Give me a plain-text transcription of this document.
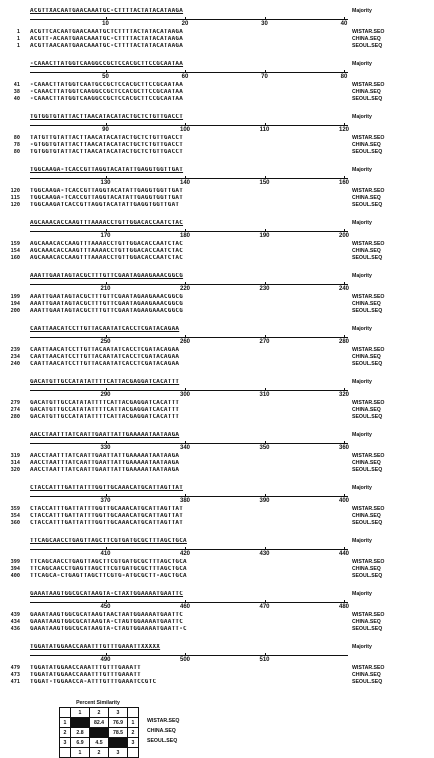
ACGTTXACAATGAACAAATGC-CTTTTACTATACATAAGA	Majority
10	20	30	40
1 ACGTTCACAATGAACAAATGCTCTTTTACTATACATAAGA	WISTAR.SEO
1 ACGTT-ACAATGAACAAATGC-CTTTTACTATACATAAGA	CHINA.SEQ
1 ACGTTAACAATGAACAAATGC-CTTTTACTATACATAAGA	SEOUL.SEQ
-CAAACTTATGGTCAAGGCCGCTCCACGCTTCCGCAATAA	Majority
50	60	70	80
41 -CAAACTTATGGTCAATGCCGCTCCACGCTTCCGCAATAA	WISTAR.SEO
38 -CAAACTTATGGTCAAGGCCGCTCCACGCTTCCGCAATAA	CHINA.SEQ
40 -CAAACTTATGGTCAAGGCCGCTCCACGCTTCCGCAATAA	SEOUL.SEQ
TGTGGTGTATTACTTAACATACATACTGCTCTGTTGACCT	Majority
90	100	110	120
80 TATGTTGTATTACTTAACATACATACTGCTCTGTTGACCT	WISTAR.SEO
78 -GTGGTGTATTACTTAACATACATACTGCTCTGTTGACCT	CHINA.SEQ
80 TGTGGTGTATTACTTAACATACATACTGCTCTGTTGACCT	SEOUL.SEQ
TGGCAAGA-TCACCGTTAGGTACATATTGAGGTGGTTGAT	Majority
130	140	150	160
120 TGGCAAGA-TCACCGTTAGGTACATATTGAGGTGGTTGAT	WISTAR.SEO
115 TGGCAAGA-TCACCGTTAGGTACATATTGAGGTGGTTGAT	CHINA.SEQ
120 TGGCAAGATCACCGTTAGGTACATATTGAGGTGGTTGAT	SEOUL.SEQ
AGCAAACACCAAGTTTAAAACCTGTTGGACACCAATCTAC	Majority
170	180	190	200
159 AGCAAACACCAAGTTTAAAACCTGTTGGACACCAATCTAC	WISTAR.SEO
154 AGCAAACACCAAGTTTAAAACCTGTTGGACACCAATCTAC	CHINA.SEQ
160 AGCAAACACCAAGTTTAAAACCTGTTGGACACCAATCTAC	SEOUL.SEQ
AAATTGAATAGTACGCTTTGTTCGAATAGAAGAAACGGCG	Majority
210	220	230	240
199 AAATTGAATAGTACGCTTTGTTCGAATAGAAGAAACGGCG	WISTAR.SEO
194 AAATTGAATAGTACGCTTTGTTCGAATAGAAGAAACGGCG	CHINA.SEQ
200 AAATTGAATAGTACGCTTTGTTCGAATAGAAGAAACGGCG	SEOUL.SEQ
CAATTAACATCCTTGTTACAATATCACCTCGATACAGAA	Majority
250	260	270	280
239 CAATTAACATCCTTGTTACAATATCACCTCGATACAGAA	WISTAR.SEO
234 CAATTAACATCCTTGTTACAATATCACCTCGATACAGAA	CHINA.SEQ
240 CAATTAACATCCTTGTTACAATATCACCTCGATACAGAA	SEOUL.SEQ
GACATGTTGCCATATATTTTCATTACGAGGATCACATTT	Majority
290	300	310	320
279 GACATGTTGCCATATATTTTCATTACGAGGATCACATTT	WISTAR.SEO
274 GACATGTTGCCATATATTTTCATTACGAGGATCACATTT	CHINA.SEQ
280 GACATGTTGCCATATATTTTCATTACGAGGATCACATTT	SEOUL.SEQ
AACCTAATTTATCAATTGAATTATTGAAAAATAATAAGA	Majority
330	340	350	360
319 AACCTAATTTATCAATTGAATTATTGAAAAATAATAAGA	WISTAR.SEO
314 AACCTAATTTATCAATTGAATTATTGAAAAATAATAAGA	CHINA.SEQ
320 AACCTAATTTATCAATTGAATTATTGAAAAATAATAAGA	SEOUL.SEQ
CTACCATTTGATTATTTGGTTGCAAACATGCATTAGTTAT	Majority
370	380	390	400
359 CTACCATTTGATTATTTGGTTGCAAACATGCATTAGTTAT	WISTAR.SEO
354 CTACCATTTGATTATTTGGTTGCAAACATGCATTAGTTAT	CHINA.SEQ
360 CTACCATTTGATTATTTGGTTGCAAACATGCATTAGTTAT	SEOUL.SEQ
TTCAGCAACCTGAGTTAGCTTCGTGATGCGCTTTAGCTGCA	Majority
410	420	430	440
399 TTCAGCAACCTGAGTTAGCTTCGTGATGCGCTTTAGCTGCA	WISTAR.SEO
394 TTCAGCAACCTGAGTTAGCTTCGTGATGCGCTTTAGCTGCA	CHINA.SEQ
400 TTCAGCA-CTGAGTTAGCTTCGTG-ATGCGCTT-AGCTGCA	SEOUL.SEQ
GAAATAAGTGGCGCATAAGTA-CTAXTGGAAAATGAATTC	Majority
450	460	470	480
439 GAAATAAGTGGCGCATAAGTAACTAATGGAAAATGAATTC	WISTAR.SEO
434 GAAATAAGTGGCGCATAAGTA-CTAGTGGAAAATGAATTC	CHINA.SEQ
436 GAAATAAGTGGCGCATAAGTA-CTAGTGGAAAATGAATT-C	SEOUL.SEQ
TGGATATGGAACCAAATTTGTTTGAAATTXXXXX	Majority
490	500	510
479 TGGATATGGAACCAAATTTGTTTGAAATT	WISTAR.SEO
473 TGGATATGGAACCAAATTTGTTTGAAATT	CHINA.SEQ
471 TGGAT-TGGAACCA-ATTTGTTTGAAATCCGTC	SEOUL.SEQ
Percent Similarity
WISTAR.SEQ
CHINA.SEQ
SEOUL.SEQ
	1	2	3	
1		82.4	76.9	1
2	2.8		78.5	2
3	6.9	4.5		3
	1	2	3	
